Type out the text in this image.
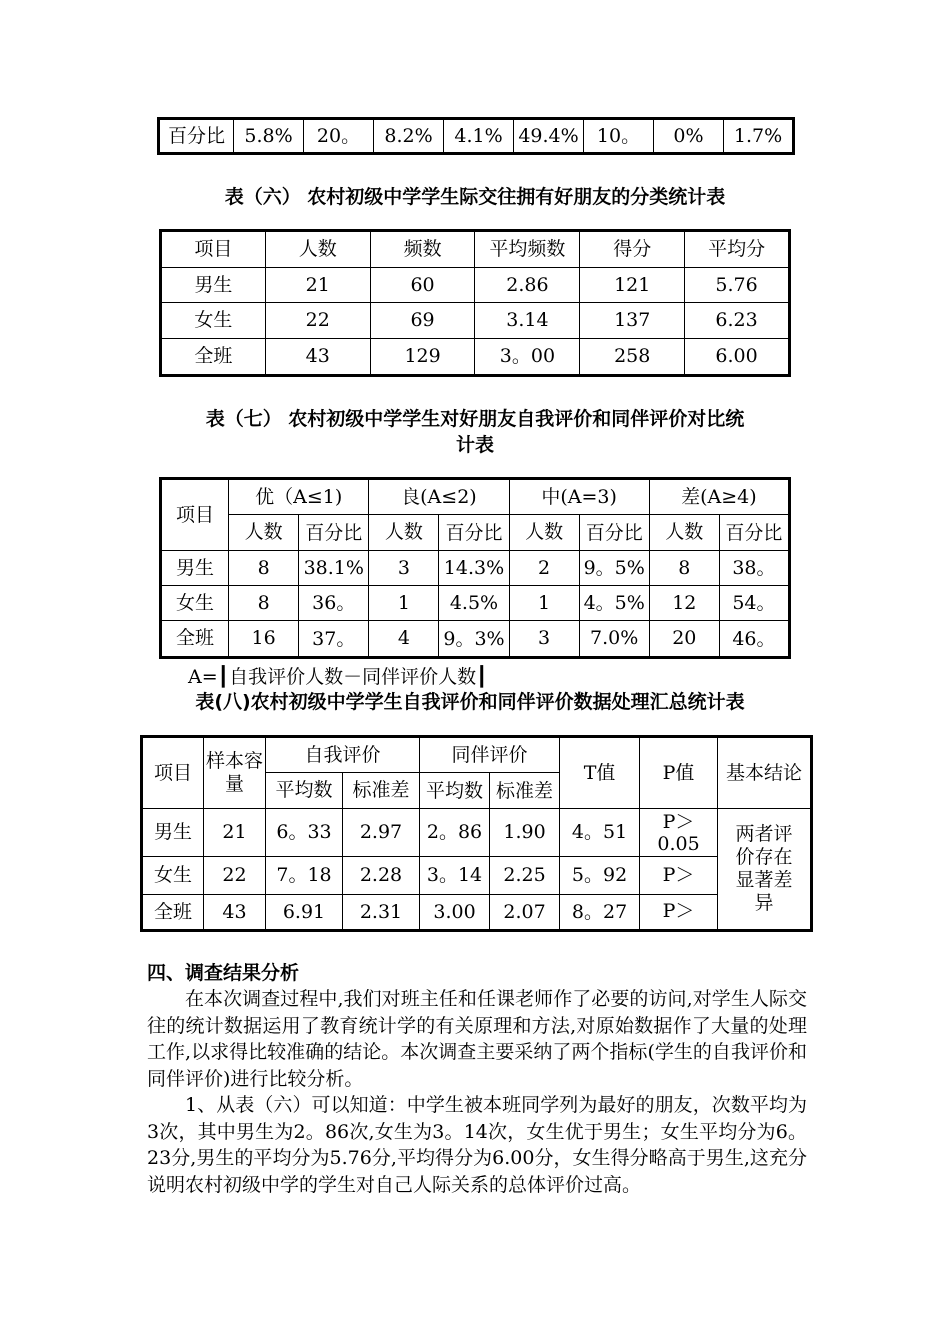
百分比	5.8%	20。	8.2%	4.1%	49.4%	10。	0%	1.7%
表（六） 农村初级中学学生际交往拥有好朋友的分类统计表
项目	人数	频数	平均频数	得分	平均分
男生	21	60	2.86	121	5.76
女生	22	69	3.14	137	6.23
全班	43	129	3。00	258	6.00
表（七） 农村初级中学学生对好朋友自我评价和同伴评价对比统
计表
项目	优（A≤1)		良(A≤2)		中(A=3)		差(A≥4)	
	人数	百分比	人数	百分比	人数	百分比	人数	百分比

男生	8	38.1%	3	14.3%	2	9。5%	8	38。

女生	8	36。	1	4.5%	1	4。5%	12	54。

全班	16	37。	4	9。3%	3	7.0%	20	46。
A=┃自我评价人数－同伴评价人数┃
表(八)农村初级中学学生自我评价和同伴评价数据处理汇总统计表
项目	样本容量	自我评价		同伴评价		T值	P值	基本结论
		平均数	标准差	平均数	标准差			

男生	21	6。33	2.97	2。86	1.90	4。51	P＞0.05	两者评价存在显著差异

女生	22	7。18	2.28	3。14	2.25	5。92	P＞	

全班	43	6.91	2.31	3.00	2.07	8。27	P＞	
四、调查结果分析

在本次调查过程中,我们对班主任和任课老师作了必要的访问,对学生人际交往的统计数据运用了教育统计学的有关原理和方法,对原始数据作了大量的处理工作,以求得比较准确的结论。本次调查主要采纳了两个指标(学生的自我评价和同伴评价)进行比较分析。

1、从表（六）可以知道：中学生被本班同学列为最好的朋友，次数平均为3次，其中男生为2。86次,女生为3。14次，女生优于男生；女生平均分为6。23分,男生的平均分为5.76分,平均得分为6.00分，女生得分略高于男生,这充分说明农村初级中学的学生对自己人际关系的总体评价过高。
